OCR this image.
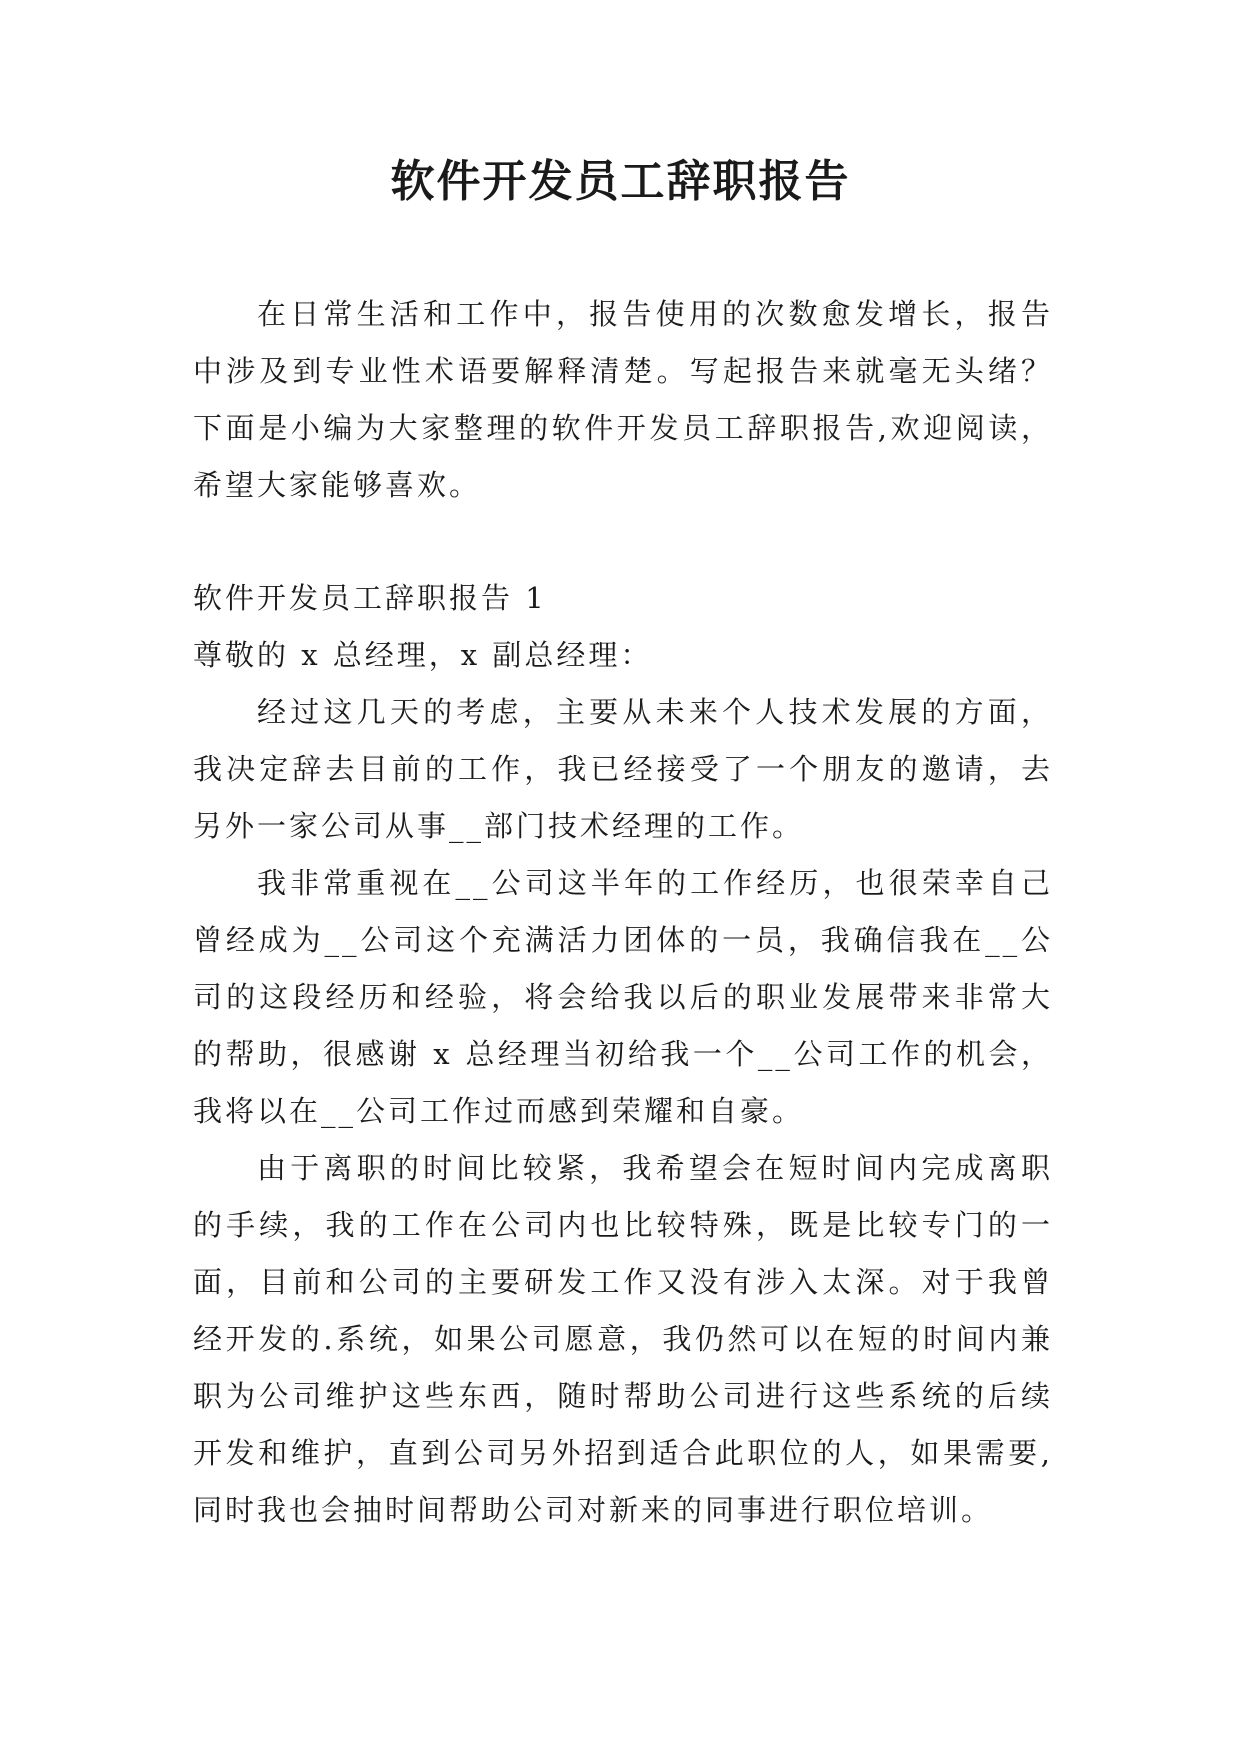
软件开发员工辞职报告

在日常生活和工作中，报告使用的次数愈发增长，报告中涉及到专业性术语要解释清楚。写起报告来就毫无头绪？下面是小编为大家整理的软件开发员工辞职报告,欢迎阅读，希望大家能够喜欢。

软件开发员工辞职报告 1

尊敬的 x 总经理，x 副总经理：

经过这几天的考虑，主要从未来个人技术发展的方面，我决定辞去目前的工作，我已经接受了一个朋友的邀请，去另外一家公司从事__部门技术经理的工作。

我非常重视在__公司这半年的工作经历，也很荣幸自己曾经成为__公司这个充满活力团体的一员，我确信我在__公司的这段经历和经验，将会给我以后的职业发展带来非常大的帮助，很感谢 x 总经理当初给我一个__公司工作的机会，我将以在__公司工作过而感到荣耀和自豪。

由于离职的时间比较紧，我希望会在短时间内完成离职的手续，我的工作在公司内也比较特殊，既是比较专门的一面，目前和公司的主要研发工作又没有涉入太深。对于我曾经开发的.系统，如果公司愿意，我仍然可以在短的时间内兼职为公司维护这些东西，随时帮助公司进行这些系统的后续开发和维护，直到公司另外招到适合此职位的人，如果需要,同时我也会抽时间帮助公司对新来的同事进行职位培训。
